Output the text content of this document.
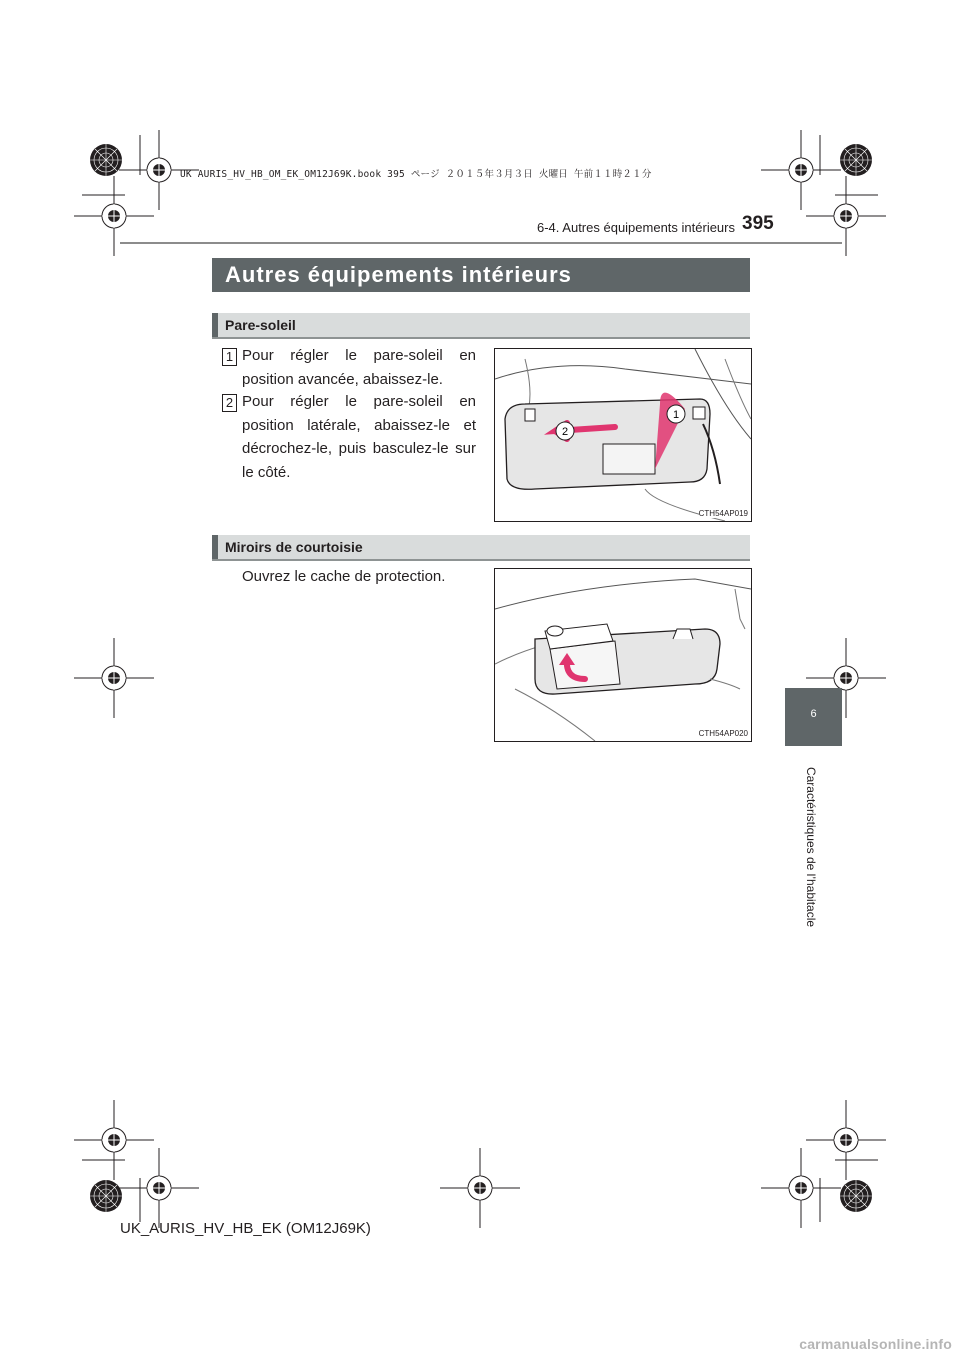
UK AURIS_HV_HB_OM_EK_OM12J69K.book 395 ページ ２０１５年３月３日 火曜日 午前１１時２１分
6-4. Autres équipements intérieurs 395
Autres équipements intérieurs
Pare-soleil
1 Pour régler le pare-soleil en position avancée, abaissez-le.
2 Pour régler le pare-soleil en position latérale, abaissez-le et décrochez-le, puis basculez-le sur le côté.
1
2
CTH54AP019
Miroirs de courtoisie
Ouvrez le cache de protection.
CTH54AP020
6
Caractéristiques de l’habitacle
UK_AURIS_HV_HB_EK (OM12J69K)
carmanualsonline.info
